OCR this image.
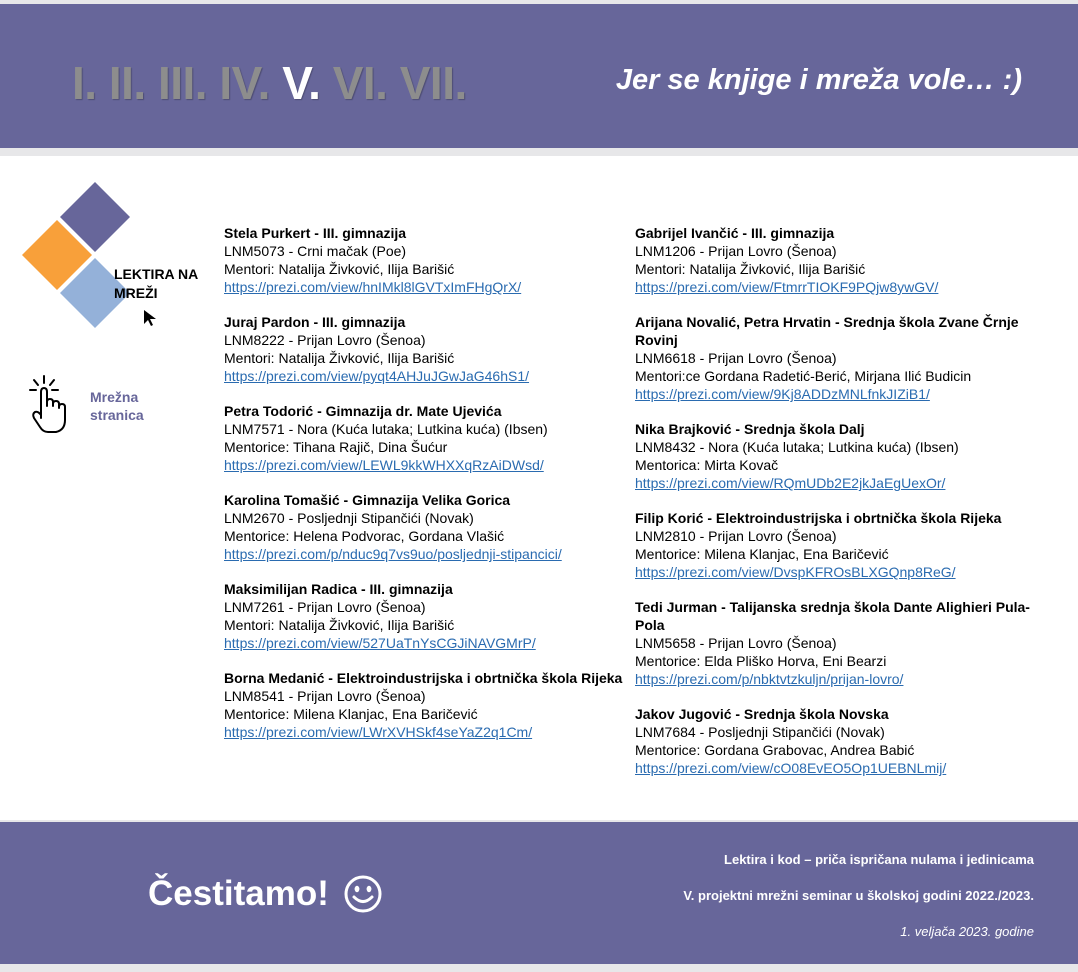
I. II. III. IV. V. VI. VII.	Jer se knjige i mreža vole… :)
LEKTIRA NA
MREŽI
Mrežna
stranica
Stela Purkert - III. gimnazija
LNM5073 - Crni mačak (Poe)
Mentori: Natalija Živković, Ilija Barišić
https://prezi.com/view/hnIMkl8lGVTxImFHgQrX/
Juraj Pardon - III. gimnazija
LNM8222 - Prijan Lovro (Šenoa)
Mentori: Natalija Živković, Ilija Barišić
https://prezi.com/view/pyqt4AHJuJGwJaG46hS1/
Petra Todorić - Gimnazija dr. Mate Ujevića
LNM7571 - Nora (Kuća lutaka; Lutkina kuća) (Ibsen)
Mentorice: Tihana Rajič, Dina Šućur
https://prezi.com/view/LEWL9kkWHXXqRzAiDWsd/
Karolina Tomašić - Gimnazija Velika Gorica
LNM2670 - Posljednji Stipančići (Novak)
Mentorice: Helena Podvorac, Gordana Vlašić
https://prezi.com/p/nduc9q7vs9uo/posljednji-stipancici/
Maksimilijan Radica - III. gimnazija
LNM7261 - Prijan Lovro (Šenoa)
Mentori: Natalija Živković, Ilija Barišić
https://prezi.com/view/527UaTnYsCGJiNAVGMrP/
Borna Medanić - Elektroindustrijska i obrtnička škola Rijeka
LNM8541 - Prijan Lovro (Šenoa)
Mentorice: Milena Klanjac, Ena Baričević
https://prezi.com/view/LWrXVHSkf4seYaZ2q1Cm/
Gabrijel Ivančić - III. gimnazija
LNM1206 - Prijan Lovro (Šenoa)
Mentori: Natalija Živković, Ilija Barišić
https://prezi.com/view/FtmrrTIOKF9PQjw8ywGV/
Arijana Novalić, Petra Hrvatin - Srednja škola Zvane Črnje Rovinj
LNM6618 - Prijan Lovro (Šenoa)
Mentori:ce Gordana Radetić-Berić, Mirjana Ilić Budicin
https://prezi.com/view/9Kj8ADDzMNLfnkJIZiB1/
Nika Brajković - Srednja škola Dalj
LNM8432 - Nora (Kuća lutaka; Lutkina kuća) (Ibsen)
Mentorica: Mirta Kovač
https://prezi.com/view/RQmUDb2E2jkJaEgUexOr/
Filip Korić - Elektroindustrijska i obrtnička škola Rijeka
LNM2810 - Prijan Lovro (Šenoa)
Mentorice: Milena Klanjac, Ena Baričević
https://prezi.com/view/DvspKFROsBLXGQnp8ReG/
Tedi Jurman - Talijanska srednja škola Dante Alighieri Pula-Pola
LNM5658 - Prijan Lovro (Šenoa)
Mentorice: Elda Pliško Horva, Eni Bearzi
https://prezi.com/p/nbktvtzkuljn/prijan-lovro/
Jakov Jugović - Srednja škola Novska
LNM7684 - Posljednji Stipančići (Novak)
Mentorice: Gordana Grabovac, Andrea Babić
https://prezi.com/view/cO08EvEO5Op1UEBNLmij/
Čestitamo!
Lektira i kod – priča ispričana nulama i jedinicama
V. projektni mrežni seminar u školskoj godini 2022./2023.
1. veljača 2023. godine
